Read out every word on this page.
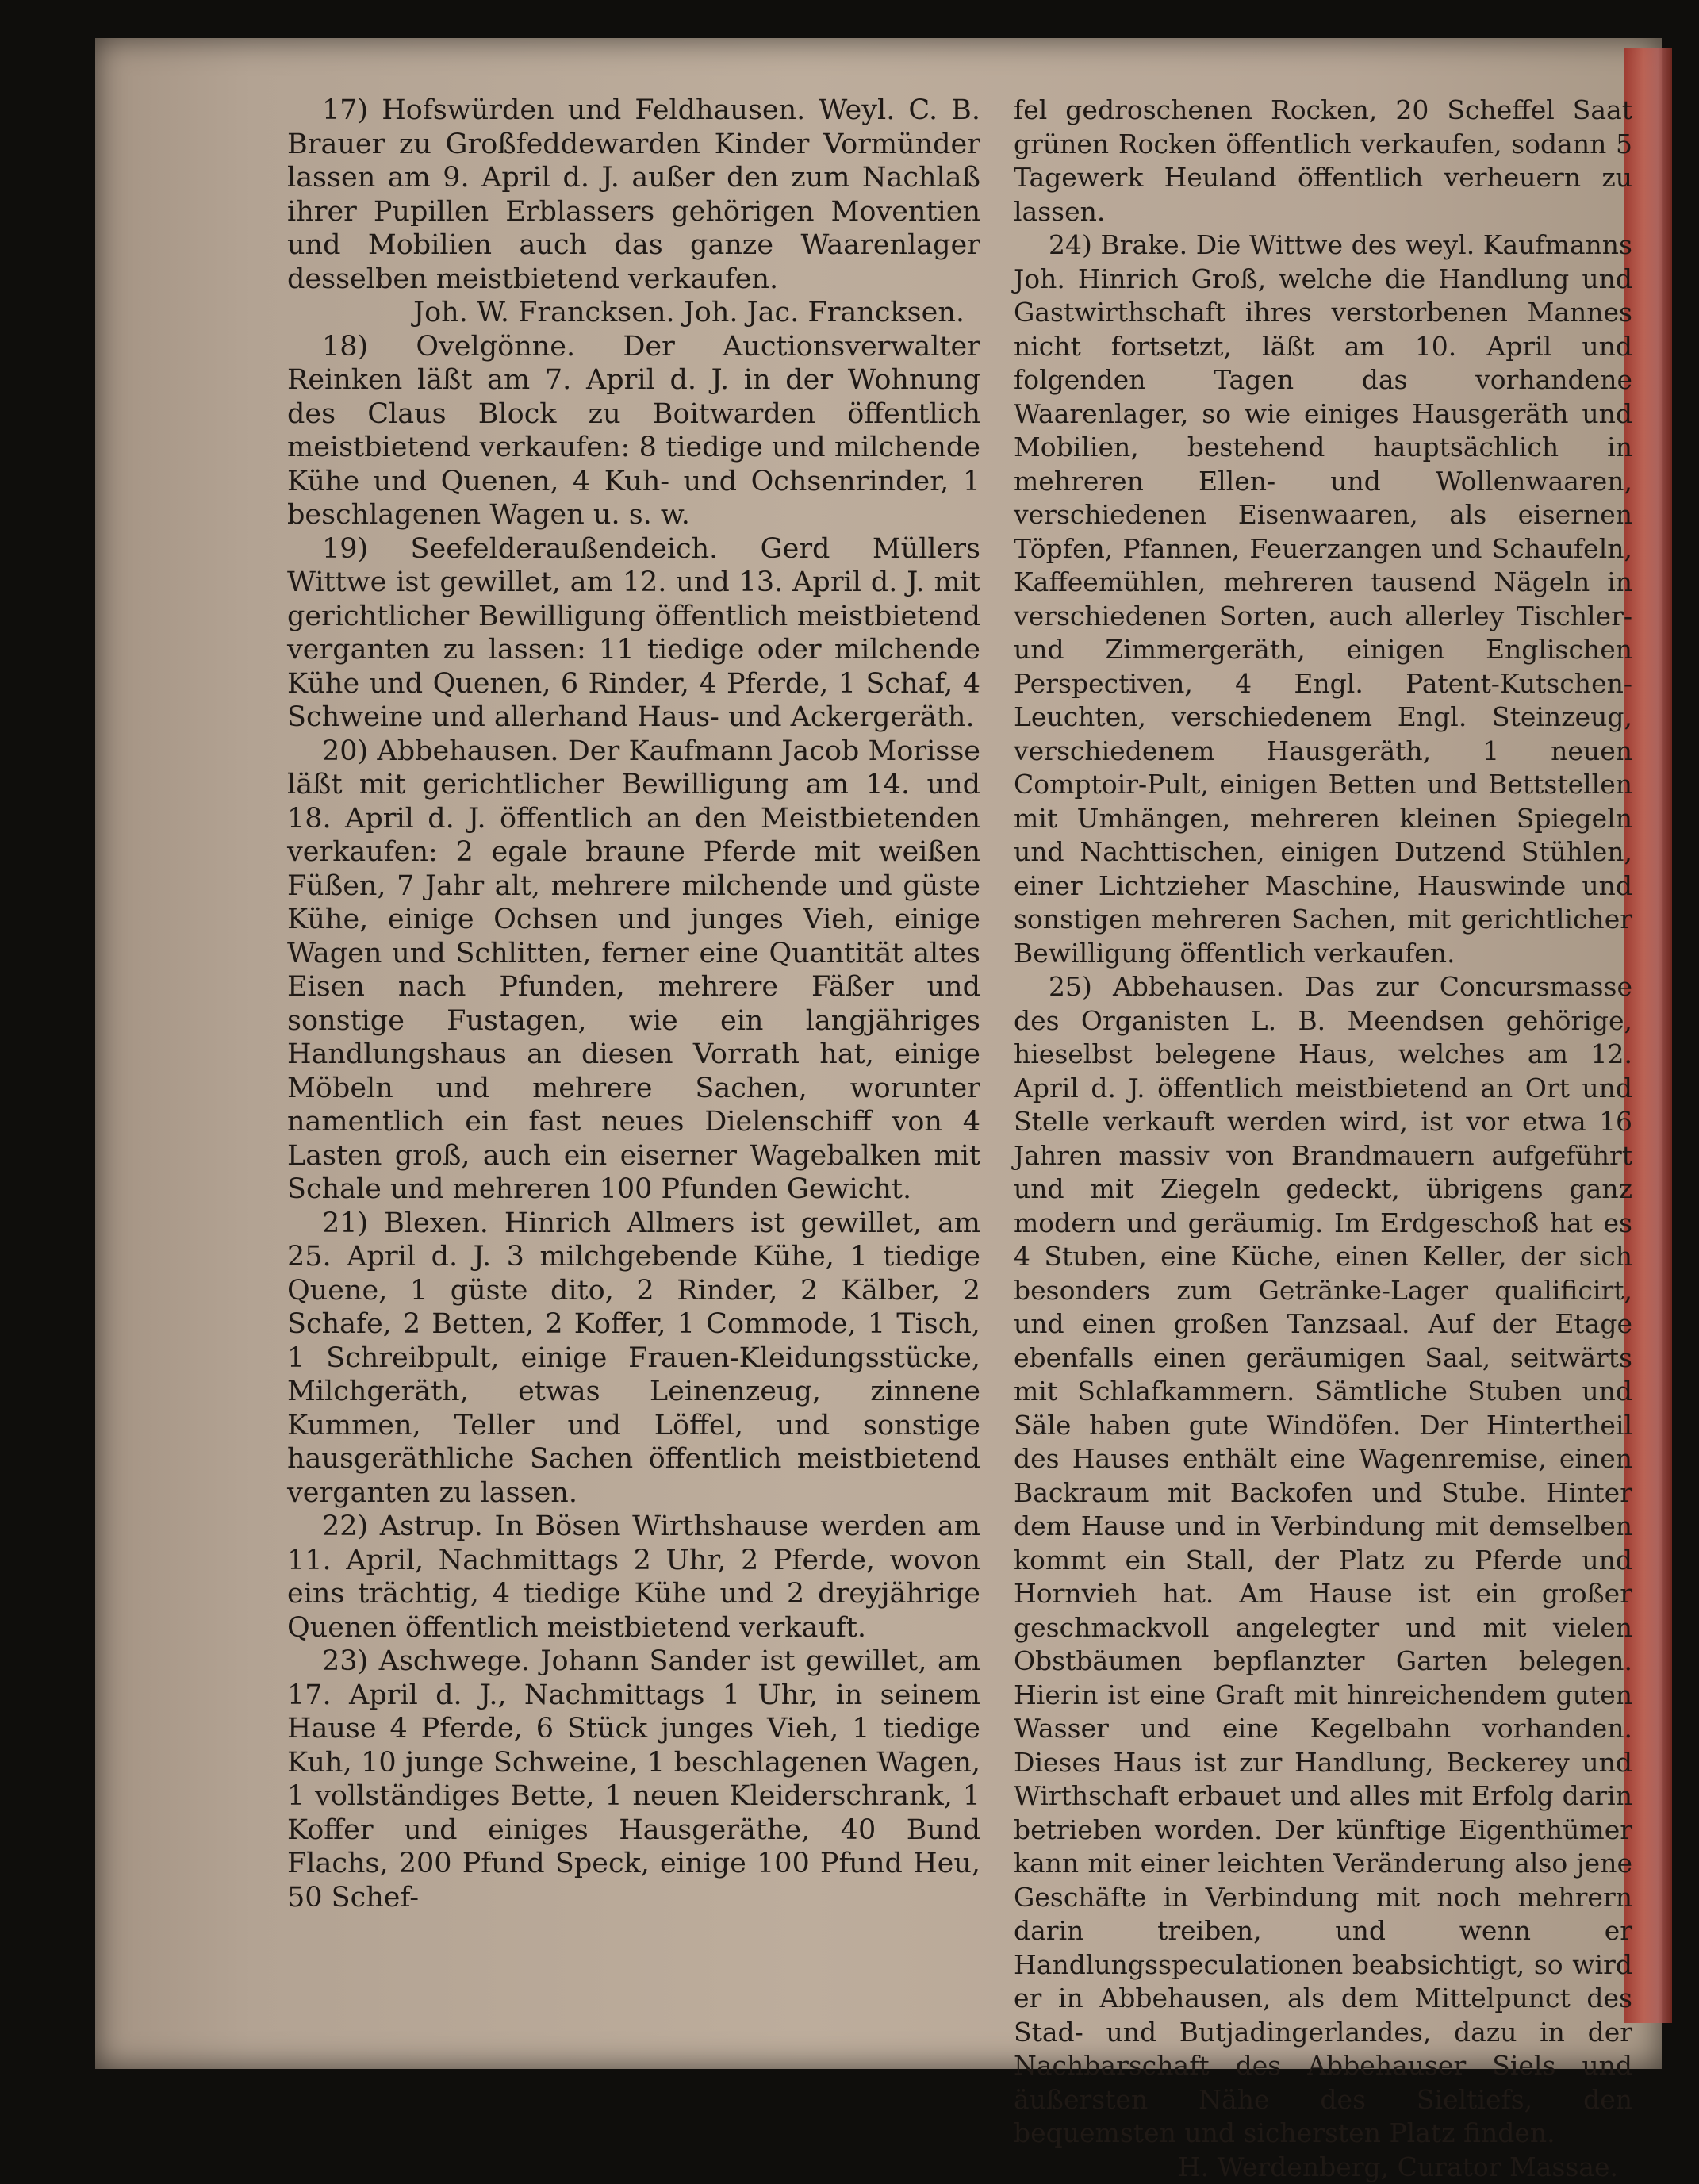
17) Hofswürden und Feldhausen. Weyl. C. B. Brauer zu Großfeddewarden Kinder Vormünder lassen am 9. April d. J. außer den zum Nachlaß ihrer Pupillen Erblassers gehörigen Moventien und Mobilien auch das ganze Waarenlager desselben meistbietend verkaufen.

Joh. W. Francksen. Joh. Jac. Francksen.

18) Ovelgönne. Der Auctionsverwalter Reinken läßt am 7. April d. J. in der Wohnung des Claus Block zu Boitwarden öffentlich meistbietend verkaufen: 8 tiedige und milchende Kühe und Quenen, 4 Kuh- und Ochsenrinder, 1 beschlagenen Wagen u. s. w.

19) Seefelderaußendeich. Gerd Müllers Wittwe ist gewillet, am 12. und 13. April d. J. mit gerichtlicher Bewilligung öffentlich meistbietend verganten zu lassen: 11 tiedige oder milchende Kühe und Quenen, 6 Rinder, 4 Pferde, 1 Schaf, 4 Schweine und allerhand Haus- und Ackergeräth.

20) Abbehausen. Der Kaufmann Jacob Morisse läßt mit gerichtlicher Bewilligung am 14. und 18. April d. J. öffentlich an den Meistbietenden verkaufen: 2 egale braune Pferde mit weißen Füßen, 7 Jahr alt, mehrere milchende und güste Kühe, einige Ochsen und junges Vieh, einige Wagen und Schlitten, ferner eine Quantität altes Eisen nach Pfunden, mehrere Fäßer und sonstige Fustagen, wie ein langjähriges Handlungshaus an diesen Vorrath hat, einige Möbeln und mehrere Sachen, worunter namentlich ein fast neues Dielenschiff von 4 Lasten groß, auch ein eiserner Wagebalken mit Schale und mehreren 100 Pfunden Gewicht.

21) Blexen. Hinrich Allmers ist gewillet, am 25. April d. J. 3 milchgebende Kühe, 1 tiedige Quene, 1 güste dito, 2 Rinder, 2 Kälber, 2 Schafe, 2 Betten, 2 Koffer, 1 Commode, 1 Tisch, 1 Schreibpult, einige Frauen-Kleidungsstücke, Milchgeräth, etwas Leinenzeug, zinnene Kummen, Teller und Löffel, und sonstige hausgeräthliche Sachen öffentlich meistbietend verganten zu lassen.

22) Astrup. In Bösen Wirthshause werden am 11. April, Nachmittags 2 Uhr, 2 Pferde, wovon eins trächtig, 4 tiedige Kühe und 2 dreyjährige Quenen öffentlich meistbietend verkauft.

23) Aschwege. Johann Sander ist gewillet, am 17. April d. J., Nachmittags 1 Uhr, in seinem Hause 4 Pferde, 6 Stück junges Vieh, 1 tiedige Kuh, 10 junge Schweine, 1 beschlagenen Wagen, 1 vollständiges Bette, 1 neuen Kleiderschrank, 1 Koffer und einiges Hausgeräthe, 40 Bund Flachs, 200 Pfund Speck, einige 100 Pfund Heu, 50 Schef-

fel gedroschenen Rocken, 20 Scheffel Saat grünen Rocken öffentlich verkaufen, sodann 5 Tagewerk Heuland öffentlich verheuern zu lassen.

24) Brake. Die Wittwe des weyl. Kaufmanns Joh. Hinrich Groß, welche die Handlung und Gastwirthschaft ihres verstorbenen Mannes nicht fortsetzt, läßt am 10. April und folgenden Tagen das vorhandene Waarenlager, so wie einiges Hausgeräth und Mobilien, bestehend hauptsächlich in mehreren Ellen- und Wollenwaaren, verschiedenen Eisenwaaren, als eisernen Töpfen, Pfannen, Feuerzangen und Schaufeln, Kaffeemühlen, mehreren tausend Nägeln in verschiedenen Sorten, auch allerley Tischler- und Zimmergeräth, einigen Englischen Perspectiven, 4 Engl. Patent-Kutschen-Leuchten, verschiedenem Engl. Steinzeug, verschiedenem Hausgeräth, 1 neuen Comptoir-Pult, einigen Betten und Bettstellen mit Umhängen, mehreren kleinen Spiegeln und Nachttischen, einigen Dutzend Stühlen, einer Lichtzieher Maschine, Hauswinde und sonstigen mehreren Sachen, mit gerichtlicher Bewilligung öffentlich verkaufen.

25) Abbehausen. Das zur Concursmasse des Organisten L. B. Meendsen gehörige, hieselbst belegene Haus, welches am 12. April d. J. öffentlich meistbietend an Ort und Stelle verkauft werden wird, ist vor etwa 16 Jahren massiv von Brandmauern aufgeführt und mit Ziegeln gedeckt, übrigens ganz modern und geräumig. Im Erdgeschoß hat es 4 Stuben, eine Küche, einen Keller, der sich besonders zum Getränke-Lager qualificirt, und einen großen Tanzsaal. Auf der Etage ebenfalls einen geräumigen Saal, seitwärts mit Schlafkammern. Sämtliche Stuben und Säle haben gute Windöfen. Der Hintertheil des Hauses enthält eine Wagenremise, einen Backraum mit Backofen und Stube. Hinter dem Hause und in Verbindung mit demselben kommt ein Stall, der Platz zu Pferde und Hornvieh hat. Am Hause ist ein großer geschmackvoll angelegter und mit vielen Obstbäumen bepflanzter Garten belegen. Hierin ist eine Graft mit hinreichendem guten Wasser und eine Kegelbahn vorhanden. Dieses Haus ist zur Handlung, Beckerey und Wirthschaft erbauet und alles mit Erfolg darin betrieben worden. Der künftige Eigenthümer kann mit einer leichten Veränderung also jene Geschäfte in Verbindung mit noch mehrern darin treiben, und wenn er Handlungsspeculationen beabsichtigt, so wird er in Abbehausen, als dem Mittelpunct des Stad- und Butjadingerlandes, dazu in der Nachbarschaft des Abbehauser Siels und äußersten Nähe des Sieltiefs, den bequemsten und sichersten Platz finden.

H. Werdenberg, Curator Massae.
